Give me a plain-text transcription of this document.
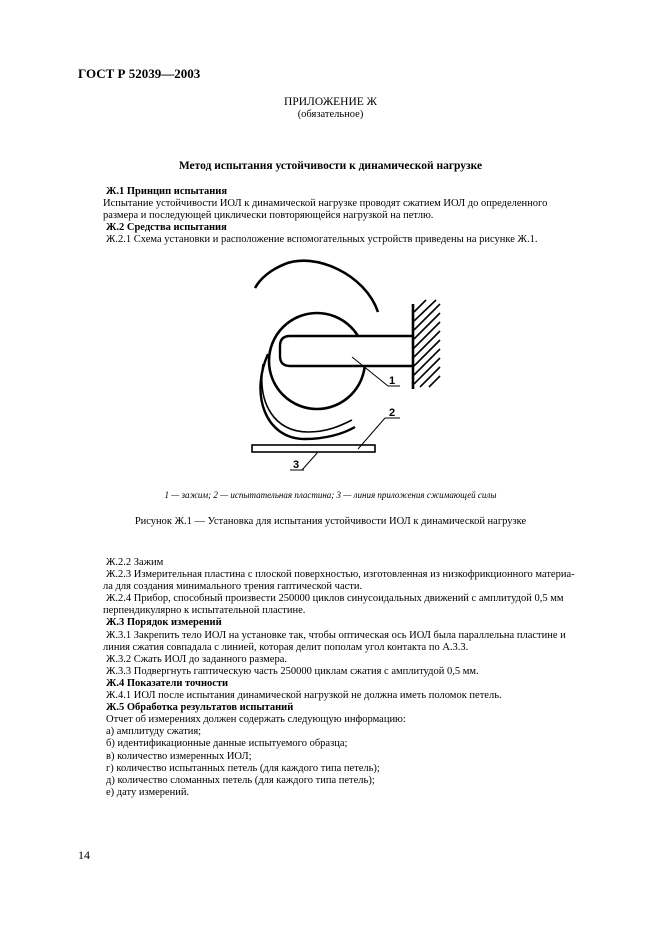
ГОСТ Р 52039—2003
ПРИЛОЖЕНИЕ Ж
(обязательное)
Метод испытания устойчивости к динамической нагрузке
Ж.1 Принцип испытания
Испытание устойчивости ИОЛ к динамической нагрузке проводят сжатием ИОЛ до определенного
размера и последующей циклически повторяющейся нагрузкой на петлю.
Ж.2 Средства испытания
Ж.2.1 Схема установки и расположение вспомогательных устройств приведены на рисунке Ж.1.
1
2
3
1 — зажим; 2 — испытательная пластина; 3 — линия приложения сжимающей силы
Рисунок Ж.1 — Установка для испытания устойчивости ИОЛ к динамической нагрузке
Ж.2.2 Зажим
Ж.2.3 Измерительная пластина с плоской поверхностью, изготовленная из низкофрикционного материа-
ла для создания минимального трения гаптической части.
Ж.2.4 Прибор, способный произвести 250000 циклов синусоидальных движений с амплитудой 0,5 мм
перпендикулярно к испытательной пластине.
Ж.3 Порядок измерений
Ж.3.1 Закрепить тело ИОЛ на установке так, чтобы оптическая ось ИОЛ была параллельна пластине и
линия сжатия совпадала с линией, которая делит пополам угол контакта по А.3.3.
Ж.3.2 Сжать ИОЛ до заданного размера.
Ж.3.3 Подвергнуть гаптическую часть 250000 циклам сжатия с амплитудой 0,5 мм.
Ж.4 Показатели точности
Ж.4.1 ИОЛ после испытания динамической нагрузкой не должна иметь поломок петель.
Ж.5 Обработка результатов испытаний
Отчет об измерениях должен содержать следующую информацию:
а) амплитуду сжатия;
б) идентификационные данные испытуемого образца;
в) количество измеренных ИОЛ;
г) количество испытанных петель (для каждого типа петель);
д) количество сломанных петель (для каждого типа петель);
е) дату измерений.
14
